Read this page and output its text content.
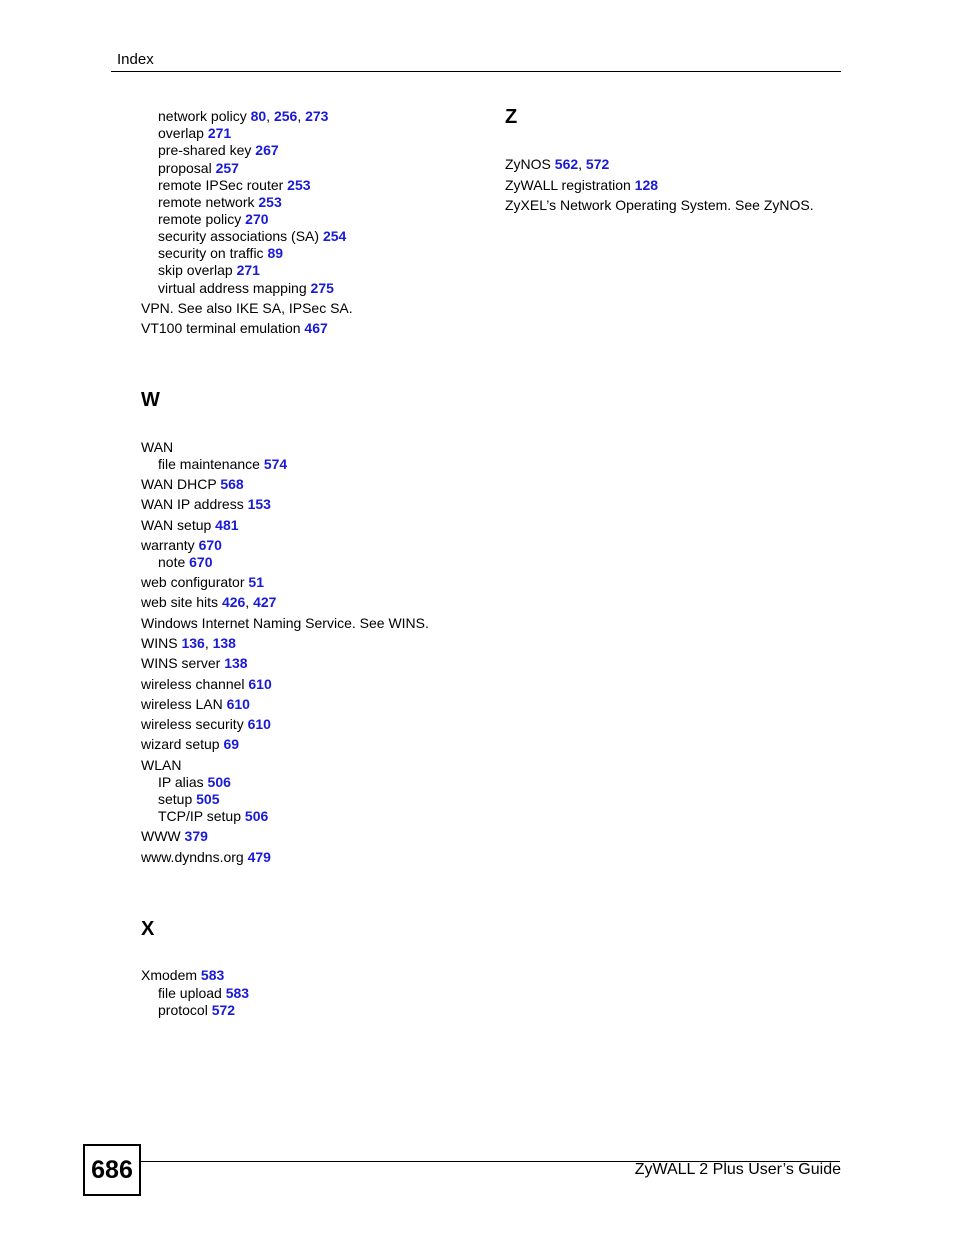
Index
network policy 80, 256, 273
overlap 271
pre-shared key 267
proposal 257
remote IPSec router 253
remote network 253
remote policy 270
security associations (SA) 254
security on traffic 89
skip overlap 271
virtual address mapping 275
VPN. See also IKE SA, IPSec SA.
VT100 terminal emulation 467
W
WAN
file maintenance 574
WAN DHCP 568
WAN IP address 153
WAN setup 481
warranty 670
note 670
web configurator 51
web site hits 426, 427
Windows Internet Naming Service. See WINS.
WINS 136, 138
WINS server 138
wireless channel 610
wireless LAN 610
wireless security 610
wizard setup 69
WLAN
IP alias 506
setup 505
TCP/IP setup 506
WWW 379
www.dyndns.org 479
X
Xmodem 583
file upload 583
protocol 572
Z
ZyNOS 562, 572
ZyWALL registration 128
ZyXEL’s Network Operating System. See ZyNOS.
686	ZyWALL 2 Plus User’s Guide
